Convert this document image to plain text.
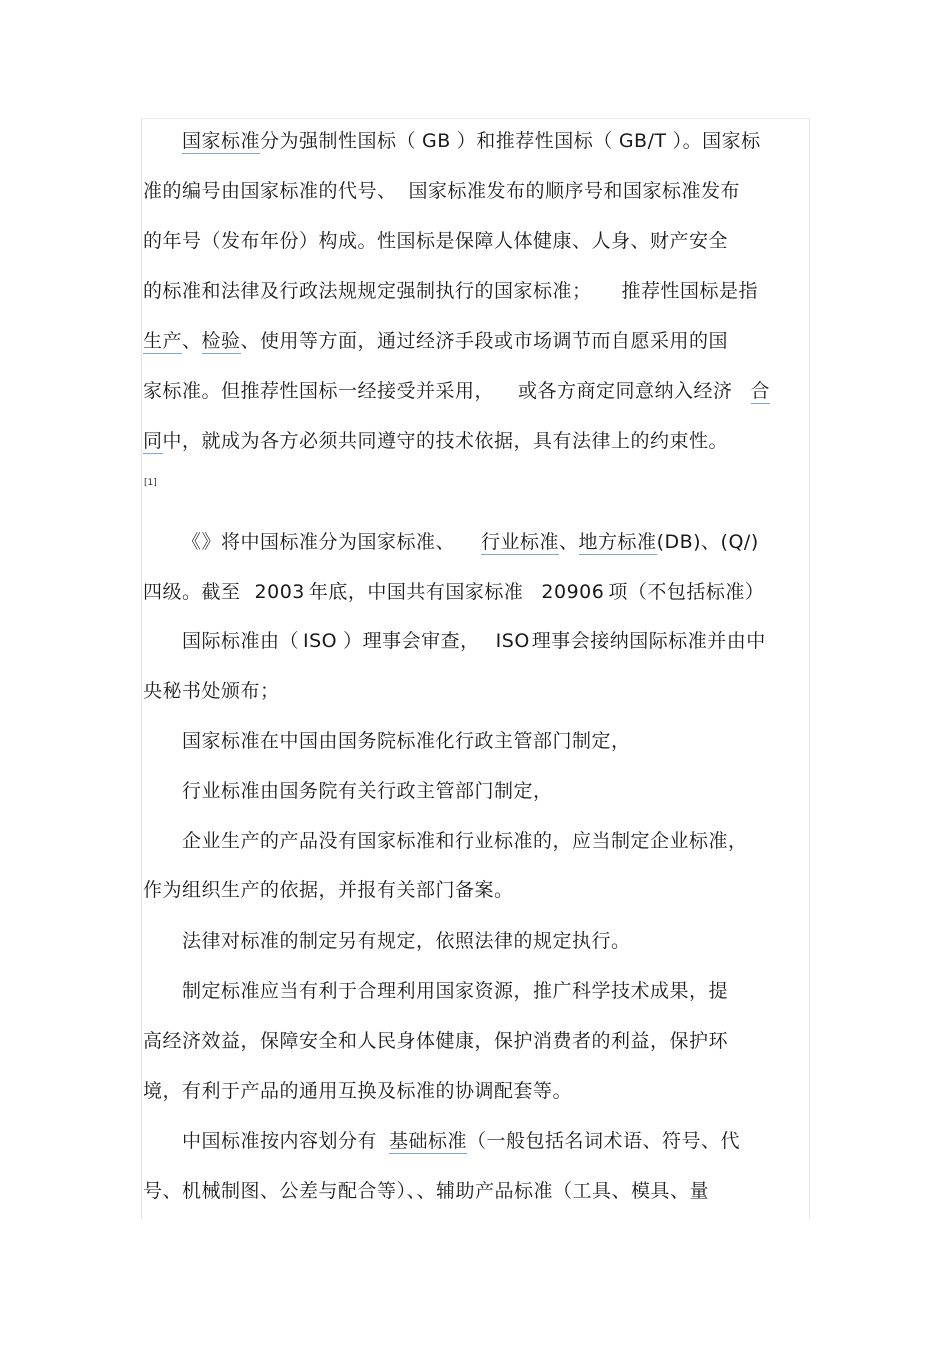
国家标准分为强制性国标（ GB ）和推荐性国标（ GB/T ）。国家标
准的编号由国家标准的代号、 国家标准发布的顺序号和国家标准发布
的年号（发布年份）构成。性国标是保障人体健康、人身、财产安全
的标准和法律及行政法规规定强制执行的国家标准； 推荐性国标是指
生产、检验、使用等方面，通过经济手段或市场调节而自愿采用的国
家标准。但推荐性国标一经接受并采用， 或各方商定同意纳入经济 合
同中，就成为各方必须共同遵守的技术依据，具有法律上的约束性。
[1]
《》将中国标准分为国家标准、 行业标准、地方标准(DB)、(Q/)
四级。截至 2003 年底，中国共有国家标准 20906 项（不包括标准）
国际标准由（ ISO ）理事会审查， ISO 理事会接纳国际标准并由中
央秘书处颁布；
国家标准在中国由国务院标准化行政主管部门制定，
行业标准由国务院有关行政主管部门制定，
企业生产的产品没有国家标准和行业标准的，应当制定企业标准，
作为组织生产的依据，并报有关部门备案。
法律对标准的制定另有规定，依照法律的规定执行。
制定标准应当有利于合理利用国家资源，推广科学技术成果，提
高经济效益，保障安全和人民身体健康，保护消费者的利益，保护环
境，有利于产品的通用互换及标准的协调配套等。
中国标准按内容划分有 基础标准（一般包括名词术语、符号、代
号、机械制图、公差与配合等）、、辅助产品标准（工具、模具、量
